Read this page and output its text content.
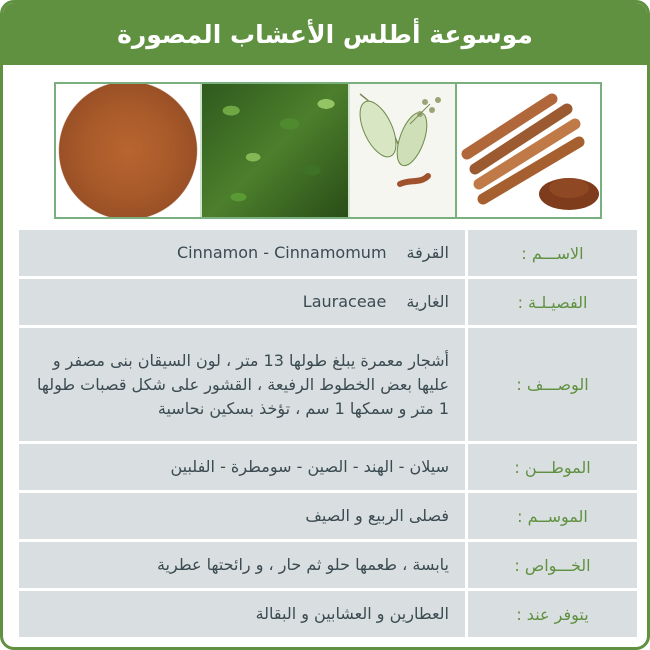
موسوعة أطلس الأعشاب المصورة
الاســـم :
القرفة
Cinnamon - Cinnamomum
الفصيـلـة :
الغارية
Lauraceae
الوصـــف :
أشجار معمرة يبلغ طولها 13 متر ، لون السيقان بنى مصفر و عليها بعض الخطوط الرفيعة ، القشور على شكل قصبات طولها 1 متر و سمكها 1 سم ، تؤخذ بسكين نحاسية
الموطـــن :
سيلان - الهند - الصين - سومطرة - الفلبين
الموســم :
فصلى الربيع و الصيف
الخـــواص :
يابسة ، طعمها حلو ثم حار ، و رائحتها عطرية
يتوفر عند :
العطارين و العشابين و البقالة
